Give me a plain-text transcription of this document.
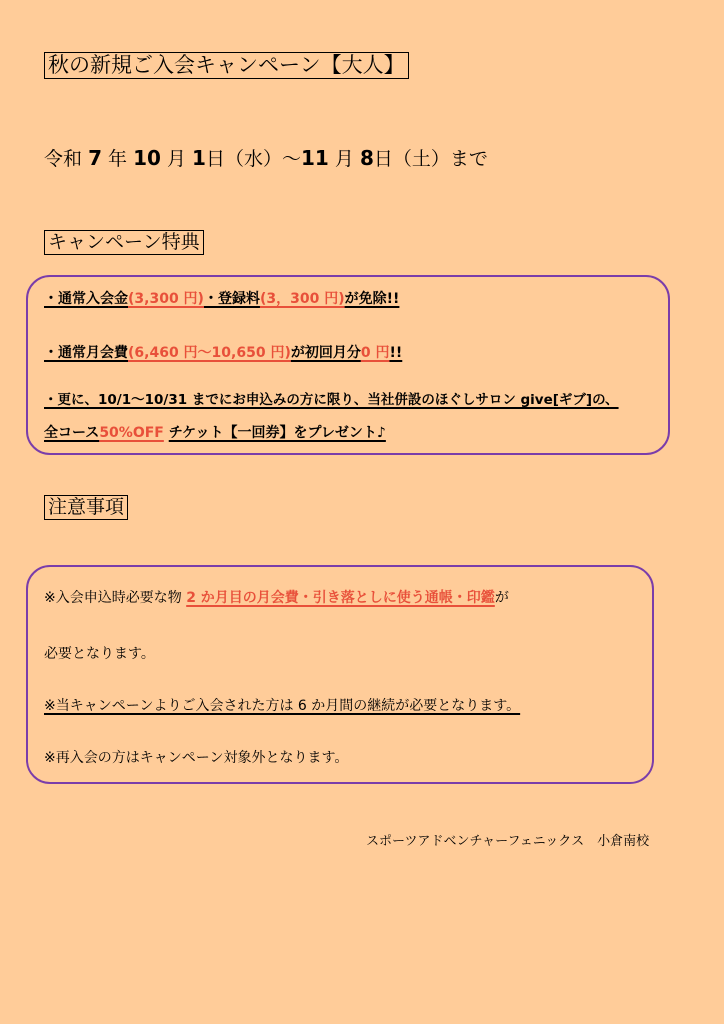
秋の新規ご入会キャンペーン【大人】
令和 7 年 10 月 1日（水）〜11 月 8日（土）まで
キャンペーン特典
・通常入会金(3,300 円)・登録料(3，300 円)が免除!!
・通常月会費(6,460 円〜10,650 円)が初回月分0 円!!
・更に、10/1〜10/31 までにお申込みの方に限り、当社併設のほぐしサロン give[ギブ]の、
全コース50%OFF チケット【一回券】をプレゼント♪
注意事項
※入会申込時必要な物 2 か月目の月会費・引き落としに使う通帳・印鑑が
必要となります。
※当キャンペーンよりご入会された方は 6 か月間の継続が必要となります。
※再入会の方はキャンペーン対象外となります。
スポーツアドベンチャーフェニックス　小倉南校
